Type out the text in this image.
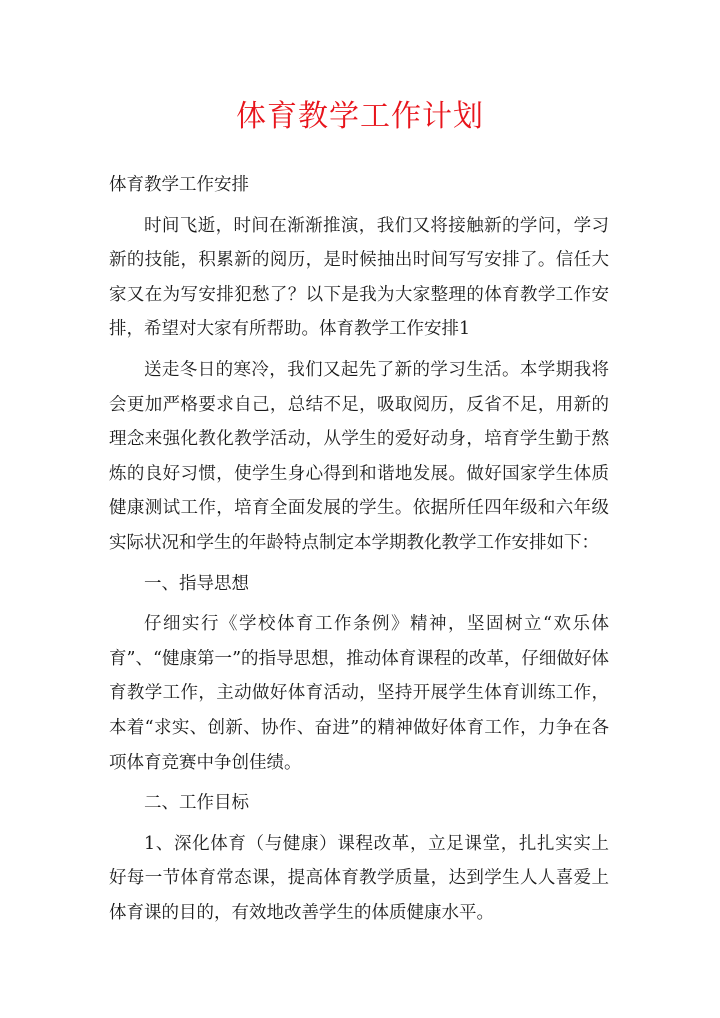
体育教学工作计划
体育教学工作安排

时间飞逝，时间在渐渐推演，我们又将接触新的学问，学习新的技能，积累新的阅历，是时候抽出时间写写安排了。信任大家又在为写安排犯愁了？以下是我为大家整理的体育教学工作安排，希望对大家有所帮助。体育教学工作安排1

送走冬日的寒冷，我们又起先了新的学习生活。本学期我将会更加严格要求自己，总结不足，吸取阅历，反省不足，用新的理念来强化教化教学活动，从学生的爱好动身，培育学生勤于熬炼的良好习惯，使学生身心得到和谐地发展。做好国家学生体质健康测试工作，培育全面发展的学生。依据所任四年级和六年级实际状况和学生的年龄特点制定本学期教化教学工作安排如下：

一、指导思想

仔细实行《学校体育工作条例》精神，坚固树立“欢乐体育”、“健康第一”的指导思想，推动体育课程的改革，仔细做好体育教学工作，主动做好体育活动，坚持开展学生体育训练工作，本着“求实、创新、协作、奋进”的精神做好体育工作，力争在各项体育竞赛中争创佳绩。

二、工作目标

1、深化体育（与健康）课程改革，立足课堂，扎扎实实上好每一节体育常态课，提高体育教学质量，达到学生人人喜爱上体育课的目的，有效地改善学生的体质健康水平。
